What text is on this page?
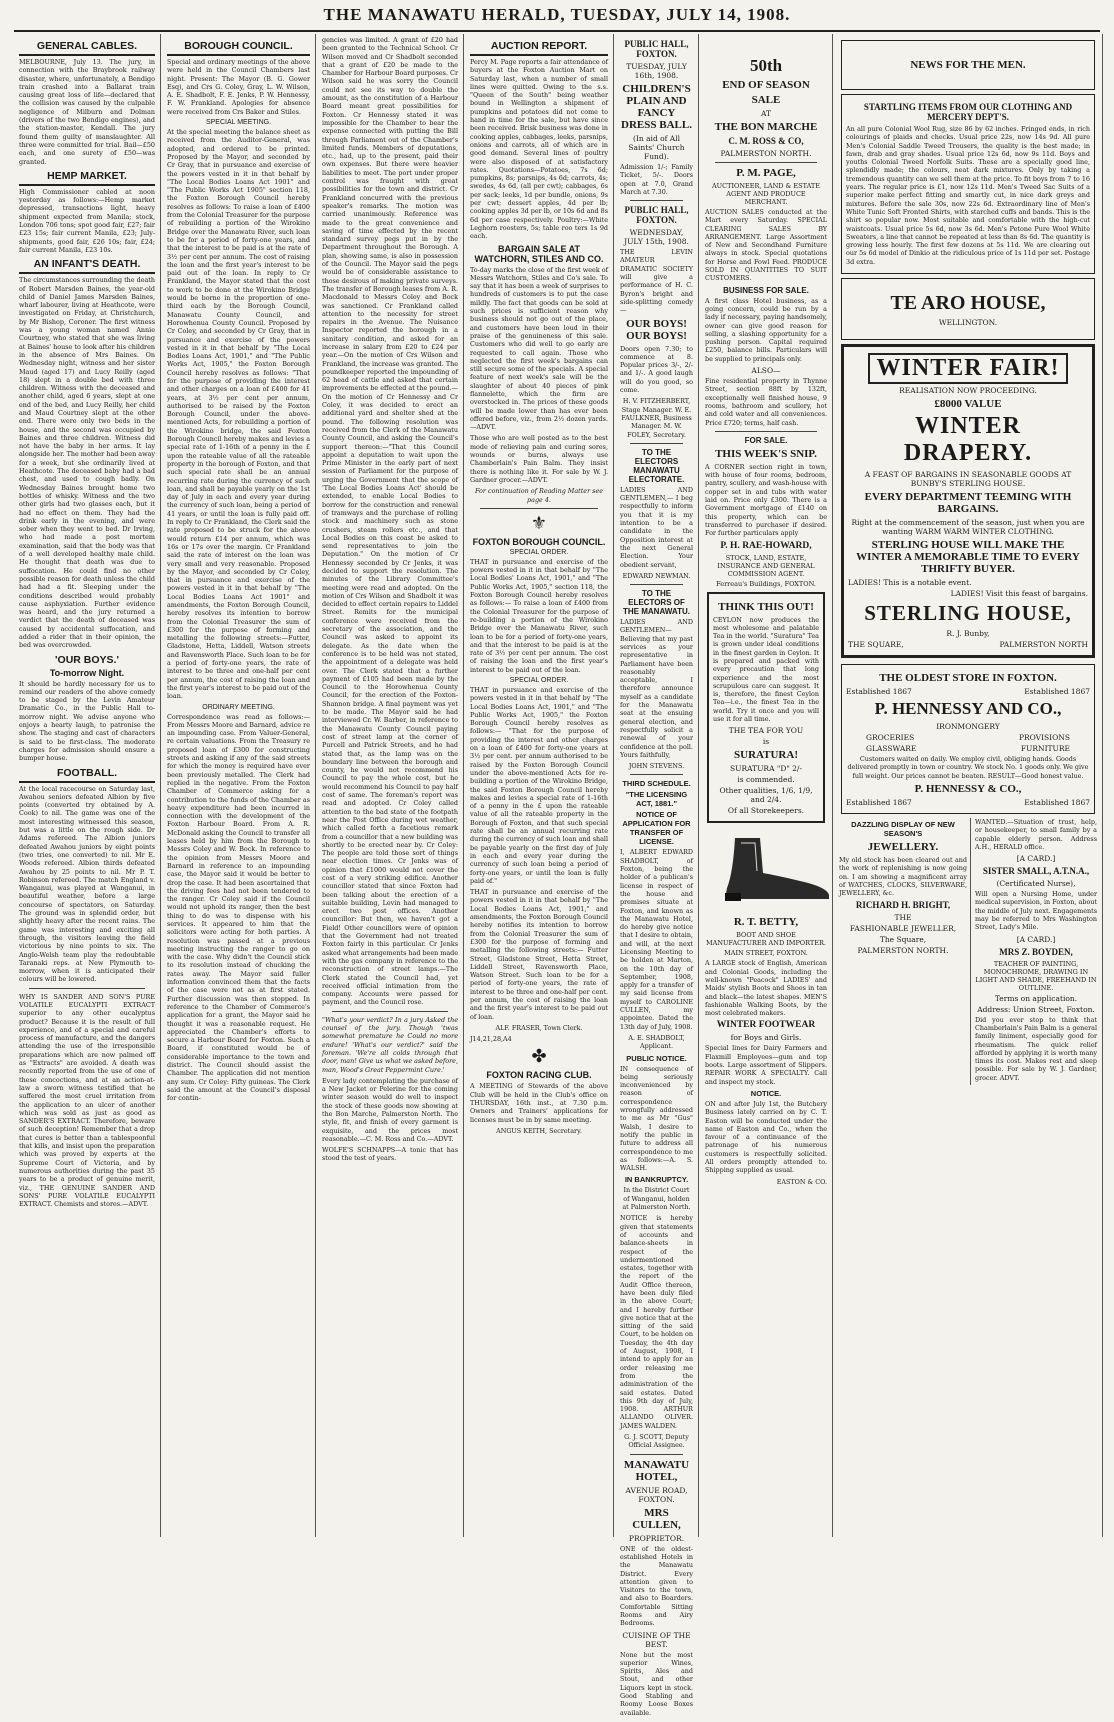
THE MANAWATU HERALD, TUESDAY, JULY 14, 1908.
GENERAL CABLES.

MELBOURNE, July 13. The jury, in connection with the Braybrook railway disaster, where, unfortunately, a Bendigo train crashed into a Ballarat train causing great loss of life—declared that the collision was caused by the culpable negligence of Milburn and Dolman (drivers of the two Bendigo engines), and the station-master, Kendall. The jury found them guilty of manslaughter. All three were committed for trial. Bail—£50 each, and one surety of £50—was granted.

HEMP MARKET.

High Commissioner cabled at noon yesterday as follows:—Hemp market depressed, transactions light, heavy shipment expected from Manila; stock, London 706 tons; spot good fair, £27; fair £23 15s; fair current Manila, £23; July-shipments, good fair, £26 10s; fair, £24; fair current Manila, £23 10s.

AN INFANT'S DEATH.

The circumstances surrounding the death of Robert Marsden Baines, the year-old child of Daniel James Marsden Baines, wharf labourer, living at Heathcote, were investigated on Friday, at Christchurch, by Mr Bishop, Coroner. The first witness was a young woman named Annie Courtney, who stated that she was living at Baines' house to look after his children in the absence of Mrs Baines. On Wednesday night, witness and her sister Maud (aged 17) and Lucy Reilly (aged 18) slept in a double bed with three children. Witness with the deceased and another child, aged 6 years, slept at one end of the bed, and Lucy Reilly, her child and Maud Courtney slept at the other end. There were only two beds in the house, and the second was occupied by Baines and three children. Witness did not have the baby in her arms. It lay alongside her. The mother had been away for a week, but she ordinarily lived at Heathcote. The deceased baby had a bad chest, and used to cough badly. On Wednesday Baines brought home two bottles of whisky. Witness and the two other girls had two glasses each, but it had no effect on them. They had the drink early in the evening, and were sober when they went to bed. Dr Irving, who had made a post mortem examination, said that the body was that of a well developed healthy male child. He thought that death was due to suffocation. He could find no other possible reason for death unless the child had had a fit. Sleeping under the conditions described would probably cause asphyxiation. Further evidence was heard, and the jury returned a verdict that the death of deceased was caused by accidental suffocation, and added a rider that in their opinion, the bed was overcrowded.

'OUR BOYS.'
To-morrow Night.

It should be hardly necessary for us to remind our readers of the above comedy to be staged by the Levin Amateur Dramatic Co., in the Public Hall to-morrow night. We advise anyone who enjoys a hearty laugh, to patronise the show. The staging and cast of characters is said to be first-class. The moderate charges for admission should ensure a bumper house.

FOOTBALL.

At the local racecourse on Saturday last, Awahou seniors defeated Albion by five points (converted try obtained by A. Cook) to nil. The game was one of the most interesting witnessed this season, but was a little on the rough side. Dr Adams refereed. The Albion juniors defeated Awahou juniors by eight points (two tries, one converted) to nil. Mr E. Woods refereed. Albion thirds defeated Awahou by 25 points to nil. Mr P. T. Robinson refereed. The match England v. Wanganui, was played at Wanganui, in beautiful weather, before a large concourse of spectators, on Saturday. The ground was in splendid order, but slightly heavy after the recent rains. The game was interesting and exciting all through, the visitors leaving the field victorious by nine points to six. The Anglo-Welsh team play the redoubtable Taranaki reps. at New Plymouth to-morrow, when it is anticipated their colours will be lowered.

WHY IS SANDER AND SON'S PURE VOLATILE EUCALYPTI EXTRACT superior to any other eucalyptus product? Because it is the result of full experience, and of a special and careful process of manufacture, and the dangers attending the use of the irresponsible preparations which are now palmed off as "Extracts" are avoided. A death was recently reported from the use of one of these concoctions, and at an action-at-law a sworn witness testified that he suffered the most cruel irritation from the application to an ulcer of another which was sold as just as good as SANDER'S EXTRACT. Therefore, beware of such deception! Remember that a drop that cures is better than a tablespoonful that kills, and insist upon the preparation which was proved by experts at the Supreme Court of Victoria, and by numerous authorities during the past 35 years to be a product of genuine merit, viz., THE GENUINE SANDER AND SONS' PURE VOLATILE EUCALYPTI EXTRACT. Chemists and stores.—ADVT.

BOROUGH COUNCIL.

Special and ordinary meetings of the above were held in the Council Chambers last night. Present: The Mayor (B. G. Gower Esq), and Crs G. Coley, Gray, L. W. Wilson, A. E. Shadbolt, F. E. Jenks, P. W. Hennessy, F. W. Frankland. Apologies for absence were received from Crs Baker and Stiles.

SPECIAL MEETING.

At the special meeting the balance sheet as received from the Auditor-General, was adopted, and ordered to be printed. Proposed by the Mayor, and seconded by Cr Gray, that in pursuance and exercise of the powers vested in it in that behalf by "The Local Bodies Loans Act 1901" and "The Public Works Act 1905" section 118, the Foxton Borough Council hereby resolves as follows: To raise a loan of £400 from the Colonial Treasurer for the purpose of rebuilding a portion of the Wirokino Bridge over the Manawatu River, such loan to be for a period of forty-one years, and that the interest to be paid is at the rate of 3½ per cent per annum. The cost of raising the loan and the first year's interest to be paid out of the loan. In reply to Cr Frankland, the Mayor stated that the cost to work to be done at the Wirokino Bridge would be borne in the proportion of one-third each by the Borough Council, Manawatu County Council, and Horowhenua County Council. Proposed by Cr Coley, and seconded by Cr Gray, that in pursuance and exercise of the powers vested in it in that behalf by "The Local Bodies Loans Act, 1901," and "The Public Works Act, 1905," the Foxton Borough Council hereby resolves as follows: "That for the purpose of providing the interest and other charges on a loan of £400 for 41 years, at 3½ per cent per annum, authorised to be raised by the Foxton Borough Council, under the above-mentioned Acts, for rebuilding a portion of the Wirokino bridge, the said Foxton Borough Council hereby makes and levies a special rate of 1-16th of a penny in the £ upon the rateable value of all the rateable property in the borough of Foxton, and that such special rate shall be an annual recurring rate during the currency of such loan, and shall be payable yearly on the 1st day of July in each and every year during the currency of such loan, being a period of 41 years, or until the loan is fully paid off. In reply to Cr Frankland, the Clerk said the rate proposed to be struck for the above would return £14 per annum, which was 16s or 17s over the margin. Cr Frankland said the rate of interest on the loan was very small and very reasonable. Proposed by the Mayor, and seconded by Cr Coley, that in pursuance and exercise of the powers vested in it in that behalf by "The Local Bodies Loans Act 1901" and amendments, the Foxton Borough Council, hereby resolves its intention to borrow from the Colonial Treasurer the sum of £300 for the purpose of forming and metalling the following streets:—Futter, Gladstone, Hetta, Liddell, Watson streets and Ravensworth Place. Such loan to be for a period of forty-one years, the rate of interest to be three and one-half per cent per annum, the cost of raising the loan and the first year's interest to be paid out of the loan.

ORDINARY MEETING.

Correspondence was read as follows:— From Messrs Moore and Barnard, advice re an impounding case. From Valuer-General, re certain valuations. From the Treasury re proposed loan of £300 for constructing streets and asking if any of the said streets for which the money is required have ever been previously metalled. The Clerk had replied in the negative. From the Foxton Chamber of Commerce asking for a contribution to the funds of the Chamber as heavy expenditure had been incurred in connection with the development of the Foxton Harbour Board. From A. R. McDonald asking the Council to transfer all leases held by him from the Borough to Messrs Coley and W. Bock. In reference to the opinion from Messrs Moore and Barnard in reference to an impounding case, the Mayor said it would be better to drop the case. It had been ascertained that the driving fees had not been tendered to the ranger. Cr Coley said if the Council would not uphold its ranger, then the best thing to do was to dispense with his services. It appeared to him that the solicitors were acting for both parties. A resolution was passed at a previous meeting instructing the ranger to go on with the case. Why didn't the Council stick to its resolution instead of chucking the rates away. The Mayor said fuller information convinced them that the facts of the case were not as at first stated. Further discussion was then stopped. In reference to the Chamber of Commerce's application for a grant, the Mayor said he thought it was a reasonable request. He appreciated the Chamber's efforts to secure a Harbour Board for Foxton. Such a Board, if constituted would be of considerable importance to the town and district. The Council should assist the Chamber. The application did not mention any sum. Cr Coley: Fifty guineas. The Clerk said the amount at the Council's disposal for contin-

gencies was limited. A grant of £20 had been granted to the Technical School. Cr Wilson moved and Cr Shadbolt seconded that a grant of £20 be made to the Chamber for Harbour Board purposes. Cr Wilson said he was sorry the Council could not see its way to double the amount, as the constitution of a Harbour Board meant great possibilities for Foxton. Cr Hennessy stated it was impossible for the Chamber to bear the expense connected with putting the Bill through Parliament out of the Chamber's limited funds. Members of deputations, etc., had, up to the present, paid their own expenses. But there were heavier liabilities to meet. The port under proper control was fraught with great possibilities for the town and district. Cr Frankland concurred with the previous speaker's remarks. The motion was carried unanimously. Reference was made to the great convenience and saving of time effected by the recent standard survey pegs put in by the Department throughout the Borough. A plan, showing same, is also in possession of the Council. The Mayor said the pegs would be of considerable assistance to those desirous of making private surveys. The transfer of Borough leases from A. R. Macdonald to Messrs Coley and Bock was sanctioned. Cr Frankland called attention to the necessity for street repairs in the Avenue. The Nuisance Inspector reported the borough in a sanitary condition, and asked for an increase in salary from £20 to £24 per year.—On the motion of Crs Wilson and Frankland, the increase was granted. The poundkeeper reported the impounding of 62 head of cattle and asked that certain improvements be effected at the pound.—On the motion of Cr Hennessy and Cr Coley, it was decided to erect an additional yard and shelter shed at the pound. The following resolution was received from the Clerk of the Manawatu County Council, and asking the Council's support thereon:—"That this Council appoint a deputation to wait upon the Prime Minister in the early part of next session of Parliament for the purpose of urging the Government that the scope of 'The Local Bodies Loans Act' should be extended, to enable Local Bodies to borrow for the construction and renewal of tramways and the purchase of rolling stock and machinery such as stone crushers, steam rollers etc., and that Local Bodies on this coast be asked to send representatives to join the Deputation." On the motion of Cr Hennessy seconded by Cr Jenks, it was decided to support the resolution. The minutes of the Library Committee's meeting were read and adopted. On the motion of Crs Wilson and Shadbolt it was decided to effect certain repairs to Liddel Street. Remits for the municipal conference were received from the secretary of the association, and the Council was asked to appoint its delegate. As the date when the conference is to be held was not stated, the appointment of a delegate was held over. The Clerk stated that a further payment of £105 had been made by the Council to the Horowhenua County Council, for the erection of the Foxton-Shannon bridge. A final payment was yet to be made. The Mayor said he had interviewed Cr. W. Barber, in reference to the Manawatu County Council paying cost of street lamp at the corner of Purcell and Patrick Streets, and he had stated that, as the lamp was on the boundary line between the borough and county, he would not recommend his Council to pay the whole cost, but he would recommend his Council to pay half cost of same. The foreman's report was read and adopted. Cr Coley called attention to the bad state of the footpath near the Post Office during wet weather, which called forth a facetious remark from a councillor that a new building was shortly to be erected near by. Cr Coley: The people are told those sort of things near election times. Cr Jenks was of opinion that £1000 would not cover the cost of a very striking edifice. Another councillor stated that since Foxton had been talking about the erection of a suitable building, Levin had managed to erect two post offices. Another councillor: But then, we haven't got a Field! Other councillors were of opinion that the Government had not treated Foxton fairly in this particular. Cr Jenks asked what arrangements had been made with the gas company in reference to the reconstruction of street lamps.—The Clerk stated the Council had, yet received official intimation from the company. Accounts were passed for payment, and the Council rose.

"What's your verdict? In a jury Asked the counsel of the jury. Though 'twas somewhat premature he Could no more endure! 'What's our verdict?' said the foreman. 'We're all colds through that door, man! Give us what we asked before, man, Wood's Great Peppermint Cure.'

Every lady contemplating the purchase of a New Jacket or Pelerine for the coming winter season would do well to inspect the stock of these goods now showing at the Bon Marche, Palmerston North. The style, fit, and finish of every garment is exquisite, and the prices most reasonable.—C. M. Ross and Co.—ADVT.

WOLFE'S SCHNAPPS—A tonic that has stood the test of years.

AUCTION REPORT.

Percy M. Page reports a fair attendance of buyers at the Foxton Auction Mart on Saturday last, when a number of small lines were quitted. Owing to the s.s. "Queen of the South" being weather bound in Wellington a shipment of pumpkins and potatoes did not come to hand in time for the sale, but have since been received. Brisk business was done in cooking apples, cabbages, leeks, parsnips, onions and carrots, all of which are in good demand. Several lines of poultry were also disposed of at satisfactory rates. Quotations—Potatoes, 7s 6d; pumpkins, 8s; parsnips, 4s 6d; carrots, 4s; swedes, 4s 6d, (all per cwt); cabbages, 6s per sack; leeks, 1d per bundle, onions, 9s per cwt; dessert apples, 4d per lb; cooking apples 3d per lb, or 10s 6d and 8s 6d per case respectively. Poultry:—White Leghorn roosters, 5s; table roo ters 1s 9d each.

BARGAIN SALE AT WATCHORN, STILES AND CO.

To-day marks the close of the first week of Messrs Watchorn, Stiles and Co's sale. To say that it has been a week of surprises to hundreds of customers is to put the case mildly. The fact that goods can be sold at such prices is sufficient reason why business should not go out of the place, and customers have been loud in their praise of the genuineness of this sale. Customers who did well to go early are requested to call again. Those who neglected the first week's bargains can still secure some of the specials. A special feature of next week's sale will be the slaughter of about 40 pieces of pink flannelette, which the firm are overstocked in. The prices of these goods will be made lower than has ever been offered before, viz., from 2½ dozen yards.—ADVT.

Those who are well posted as to the best mode of relieving pain and curing sores, wounds or burns, always use Chamberlain's Pain Balm. They insist there is nothing like it. For sale by W. J. Gardner grocer.—ADVT.

For continuation of Reading Matter see page 4.

⚜
FOXTON BOROUGH COUNCIL.
SPECIAL ORDER.

THAT in pursuance and exercise of the powers vested in it in that behalf by "The Local Bodies' Loans Act, 1901," and "The Public Works Act, 1905," section 118, the Foxton Borough Council hereby resolves as follows:— To raise a loan of £400 from the Colonial Treasurer for the purpose of re-building a portion of the Wirokino Bridge over the Manawatu River, such loan to be for a period of forty-one years, and that the interest to be paid is at the rate of 3½ per cent per annum. The cost of raising the loan and the first year's interest to be paid out of the loan.

SPECIAL ORDER.

THAT in pursuance and exercise of the powers vested in it in that behalf by "The Local Bodies Loans Act, 1901," and "The Public Works Act, 1905," the Foxton Borough Council hereby resolves as follows:— "That for the purpose of providing the interest and other charges on a loan of £400 for forty-one years at 3½ per cent. per annum authorised to be raised by the Foxton Borough Council under the above-mentioned Acts for re-building a portion of the Wirokino Bridge, the said Foxton Borough Council hereby makes and levies a special rate of 1-16th of a penny in the £ upon the rateable value of all the rateable property in the Borough of Foxton, and that such special rate shall be an annual recurring rate during the currency of such loan and shall be payable yearly on the first day of July in each and every year during the currency of such loan being a period of forty-one years, or until the loan is fully paid of."

THAT in pursuance and exercise of the powers vested in it in that behalf by "The Local Bodies Loans Act, 1901," and amendments, the Foxton Borough Council hereby notifies its intention to borrow from the Colonial Treasurer the sum of £300 for the purpose of forming and metalling the following streets:— Futter Street, Gladstone Street, Hetta Street, Liddell Street, Ravensworth Place, Watson Street. Such loan to be for a period of forty-one years, the rate of interest to be three and one-half per cent. per annum, the cost of raising the loan and the first year's interest to be paid out of loan.

ALF. FRASER, Town Clerk.

J14,21,28,A4

✤
FOXTON RACING CLUB.

A MEETING of Stewards of the above Club will be held in the Club's office on THURSDAY, 16th inst., at 7.30 p.m. Owners and Trainers' applications for licenses must be in by same meeting.

ANGUS KEITH, Secretary.

PUBLIC HALL, FOXTON.
TUESDAY, JULY 16th, 1908.
CHILDREN'S PLAIN AND FANCY DRESS BALL.
(In aid of All Saints' Church Fund).

Admission 1/-; Family Ticket, 5/-. Doors open at 7.0, Grand March at 7.30.

PUBLIC HALL, FOXTON.
WEDNESDAY, JULY 15th, 1908.

THE LEVIN AMATEUR DRAMATIC SOCIETY will give a performance of H. C. Byron's bright and side-splitting comedy—

OUR BOYS! OUR BOYS!

Doors open 7.30; to commence at 8. Popular prices 3/-, 2/- and 1/-. A good laugh will do you good, so come.

H. V. FITZHERBERT, Stage Manager. W. E. FAULKNER, Business Manager. M. W. FOLEY, Secretary.

TO THE ELECTORS MANAWATU ELECTORATE.

LADIES AND GENTLEMEN,— I beg respectfully to inform you that it is my intention to be a candidate in the Opposition interest at the next General Election. Your obedient servant,

EDWARD NEWMAN.

TO THE ELECTORS OF THE MANAWATU.

LADIES AND GENTLEMEN— Believing that my past services as your representative in Parliament have been reasonably acceptable, I therefore announce myself as a candidate for the Manawatu seat at the ensuing general election, and respectfully solicit a renewal of your confidence at the poll. Yours faithfully,

JOHN STEVENS.

THIRD SCHEDULE.
"THE LICENSING ACT, 1881."
NOTICE OF APPLICATION FOR TRANSFER OF LICENSE.

I, ALBERT EDWARD SHADBOLT, of Foxton, being the holder of a publican's license in respect of the house and premises situate at Foxton, and known as the Manawatu Hotel, do hereby give notice that I desire to obtain, and will, at the next Licensing Meeting to be holden at Marton, on the 10th day of September, 1908, apply for a transfer of my said license from myself to CAROLINE CULLEN, my appointee. Dated the 13th day of July, 1908.

A. E. SHADBOLT, Applicant.

PUBLIC NOTICE.

IN consequence of being seriously inconvenienced by reason of correspondence wrongfully addressed to me as Mr "Gus" Walsh, I desire to notify the public in future to address all correspondence to me as follows:—A. S. WALSH.

IN BANKRUPTCY.

In the District Court of Wanganui, holden at Palmerston North.

NOTICE is hereby given that statements of accounts and balance-sheets in respect of the undermentioned estates, together with the report of the Audit Office thereon, have been duly filed in the above Court; and I hereby further give notice that at the sitting of the said Court, to be holden on Tuesday, the 4th day of August, 1908, I intend to apply for an order releasing me from the administration of the said estates. Dated this 9th day of July, 1908. ARTHUR ALLANDO OLIVER. JAMES WALDEN.

G. J. SCOTT, Deputy Official Assignee.

MANAWATU HOTEL,
AVENUE ROAD, FOXTON.
MRS CULLEN,
PROPRIETOR.

ONE of the oldest-established Hotels in the Manawatu District. Every attention given to Visitors to the town, and also to Boarders. Comfortable Sitting Rooms and Airy Bedrooms.

CUISINE OF THE BEST.

None but the most superior Wines, Spirits, Ales and Stout, and other Liquors kept in stock. Good Stabling and Roomy Loose Boxes available.

50th
END OF SEASON
SALE
AT
THE BON MARCHE
C. M. ROSS & CO,
PALMERSTON NORTH.
P. M. PAGE,
AUCTIONEER, LAND & ESTATE AGENT AND PRODUCE MERCHANT.

AUCTION SALES conducted at the Mart every Saturday. SPECIAL CLEARING SALES BY ARRANGEMENT. Large Assortment of New and Secondhand Furniture always in stock. Special quotations for Horse and Fowl Feed. PRODUCE SOLD IN QUANTITIES TO SUIT CUSTOMERS.

BUSINESS FOR SALE.

A first class Hotel business, as a going concern, could be run by a lady if necessary, paying handsomely, owner can give good reason for selling, a slashing opportunity for a pushing person. Capital required £250, balance bills. Particulars will be supplied to principals only.

ALSO—

Fine residential property in Thynne Street, section 88ft by 132ft, exceptionally well finished house, 9 rooms, bathroom and scullery, hot and cold water and all conveniences. Price £720; terms, half cash.

FOR SALE.
THIS WEEK'S SNIP.

A CORNER section right in town, with house of four rooms, bedroom, pantry, scullery, and wash-house with copper set in and tubs with water laid on. Price only £300. There is a Government mortgage of £140 on this property, which can be transferred to purchaser if desired. For further particulars apply

P. H. RAE-HOWARD,
STOCK, LAND, ESTATE, INSURANCE AND GENERAL COMMISSION AGENT.
Ferreau's Buildings, FOXTON.
THINK THIS OUT!

CEYLON now produces the most wholesome and palatable Tea in the world. "Suratura" Tea is grown under ideal conditions in the finest garden in Ceylon. It is prepared and packed with every precaution that long experience and the most scrupulous care can suggest. It is, therefore, the finest Ceylon Tea—i.e., the finest Tea in the world. Try it once and you will use it for all time.

THE TEA FOR YOU
is
SURATURA!
SURATURA "D" 2/-
is commended.
Other qualities, 1/6, 1/9, and 2/4.
Of all Storekeepers.
R. T. BETTY,
BOOT AND SHOE MANUFACTURER AND IMPORTER.
MAIN STREET, FOXTON.

A LARGE stock of English, American and Colonial Goods, including the well-known "Peacock" LADIES' and Maids' stylish Boots and Shoes in tan and black—the latest shapes. MEN'S fashionable Walking Boots, by the most celebrated makers.

WINTER FOOTWEAR
for Boys and Girls.

Special lines for Dairy Farmers and Flaxmill Employees—gum and top boots. Large assortment of Slippers. REPAIR WORK A SPECIALTY. Call and inspect my stock.

NOTICE.

ON and after July 1st, the Butchery Business lately carried on by C. T. Easton will be conducted under the name of Easton and Co., when the favour of a continuance of the patronage of his numerous customers is respectfully solicited. All orders promptly attended to. Shipping supplied as usual.

EASTON & CO.

NEWS FOR THE MEN.
STARTLING ITEMS FROM OUR CLOTHING AND MERCERY DEPT'S.

An all pure Colonial Wool Rug, size 86 by 62 inches. Fringed ends, in rich colourings of plaids and checks. Usual price 22s, now 14s 9d. All pure Men's Colonial Saddle Tweed Trousers, the quality is the best made; in fawn, drab and gray shades. Usual price 12s 6d, now 9s 11d. Boys and youths Colonial Tweed Norfolk Suits. These are a specially good line, splendidly made; the colours, neat dark mixtures. Only by taking a tremendous quantity can we sell them at the price. To fit boys from 7 to 16 years. The regular price is £1, now 12s 11d. Men's Tweed Sac Suits of a superior make perfect fitting and smartly cut, in nice dark greys and mixtures. Before the sale 30s, now 22s 6d. Extraordinary line of Men's White Tunic Soft Fronted Shirts, with starched cuffs and bands. This is the shirt so popular now. Most suitable and comfortable with the high-cut waistcoats. Usual price 5s 6d, now 3s 6d. Men's Petone Pure Wool White Sweaters, a line that cannot be repeated at less than 8s 6d. The quantity is growing less hourly. The first few dozens at 5s 11d. We are clearing out our 5s 6d model of Dinkio at the ridiculous price of 1s 11d per set. Postage 3d extra.

TE ARO HOUSE,
WELLINGTON.
WINTER FAIR!
REALISATION NOW PROCEEDING.
£8000 VALUE
WINTER DRAPERY.
A FEAST OF BARGAINS IN SEASONABLE GOODS AT BUNBY'S STERLING HOUSE.
EVERY DEPARTMENT TEEMING WITH BARGAINS.
Right at the commencement of the season, just when you are wanting WARM WARM WINTER CLOTHING.
STERLING HOUSE WILL MAKE THE WINTER A MEMORABLE TIME TO EVERY THRIFTY BUYER.
LADIES! This is a notable event.
LADIES! Visit this feast of bargains.
STERLING HOUSE,
R. J. Bunby,
THE SQUARE,	PALMERSTON NORTH
THE OLDEST STORE IN FOXTON.
Established 1867	Established 1867
P. HENNESSY AND CO.,
IRONMONGERY
GROCERIES	PROVISIONS
GLASSWARE	FURNITURE

Customers waited on daily. We employ civil, obliging hands. Goods delivered promptly in town or country. We stock No. 1 goods only. We give full weight. Our prices cannot be beaten. RESULT—Good honest value.

P. HENNESSY & CO.,
Established 1867	Established 1867
DAZZLING DISPLAY OF NEW SEASON'S
JEWELLERY.

My old stock has been cleared out and the work of replenishing is now going on. I am showing a magnificent array of WATCHES, CLOCKS, SILVERWARE, JEWELLERY, &c.

RICHARD H. BRIGHT,
THE
FASHIONABLE JEWELLER,
The Square,
PALMERSTON NORTH.

WANTED.—Situation of trust, help, or housekeeper, to small family by a capable elderly person. Address A.H., HERALD office.

[A CARD.]
SISTER SMALL, A.T.N.A.,
(Certificated Nurse),

Will open a Nursing Home, under medical supervision, in Foxton, about the middle of July next. Engagements may be referred to Mrs Washington Street, Lady's Mile.

[A CARD.]
MRS Z. BOYDEN,
TEACHER OF PAINTING, MONOCHROME, DRAWING IN LIGHT AND SHADE, FREEHAND IN OUTLINE.
Terms on application.
Address: Union Street, Foxton.

Did you ever stop to think that Chamberlain's Pain Balm is a general family liniment, especially good for rheumatism. The quick relief afforded by applying it is worth many times its cost. Makes rest and sleep possible. For sale by W. J. Gardner, grocer. ADVT.
